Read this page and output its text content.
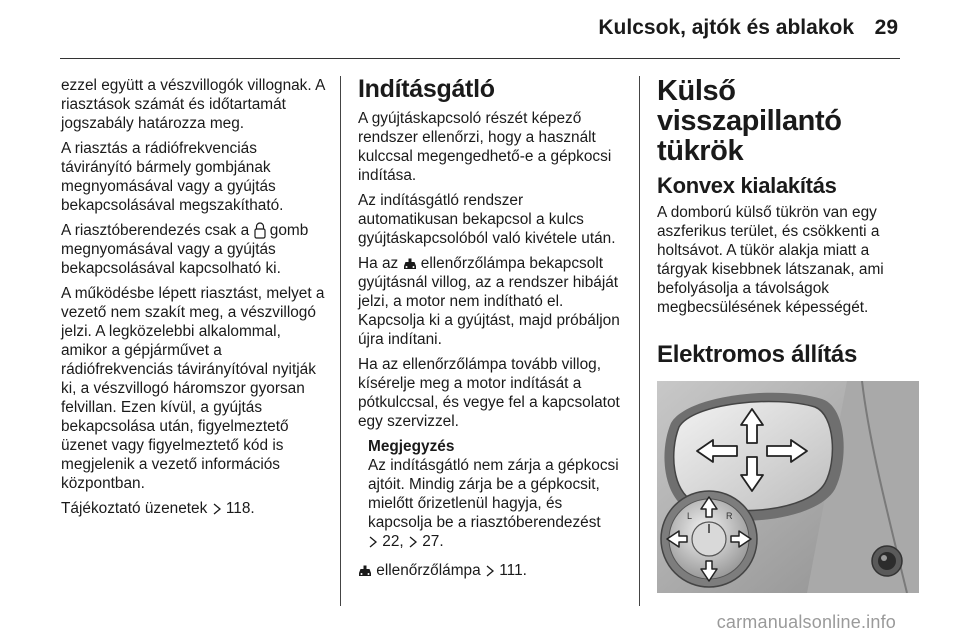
Kulcsok, ajtók és ablakok 29

ezzel együtt a vészvillogók villognak. A riasztások számát és időtartamát jogszabály határozza meg.

A riasztás a rádiófrekvenciás távirányító bármely gombjának megnyomásával vagy a gyújtás bekapcsolásával megszakítható.

A riasztóberendezés csak a gomb megnyomásával vagy a gyújtás bekapcsolásával kapcsolható ki.

A működésbe lépett riasztást, melyet a vezető nem szakít meg, a vészvillogó jelzi. A legközelebbi alkalommal, amikor a gépjárművet a rádiófrekvenciás távirányítóval nyitják ki, a vészvillogó háromszor gyorsan felvillan. Ezen kívül, a gyújtás bekapcsolása után, figyelmeztető üzenet vagy figyelmeztető kód is megjelenik a vezető információs központban.

Tájékoztató üzenetek 118.

Indításgátló

A gyújtáskapcsoló részét képező rendszer ellenőrzi, hogy a használt kulccsal megengedhető-e a gépkocsi indítása.

Az indításgátló rendszer automatikusan bekapcsol a kulcs gyújtáskapcsolóból való kivétele után.

Ha az ellenőrzőlámpa bekapcsolt gyújtásnál villog, az a rendszer hibáját jelzi, a motor nem indítható el. Kapcsolja ki a gyújtást, majd próbáljon újra indítani.

Ha az ellenőrzőlámpa tovább villog, kísérelje meg a motor indítását a pótkulccsal, és vegye fel a kapcsolatot egy szervizzel.

Megjegyzés
Az indításgátló nem zárja a gépkocsi ajtóit. Mindig zárja be a gépkocsit, mielőtt őrizetlenül hagyja, és kapcsolja be a riasztóberendezést
22, 27.

ellenőrzőlámpa 111.

Külső visszapillantó tükrök
Konvex kialakítás

A domború külső tükrön van egy aszferikus terület, és csökkenti a holtsávot. A tükör alakja miatt a tárgyak kisebbnek látszanak, ami befolyásolja a távolságok megbecsülésének képességét.

Elektromos állítás
L	R
carmanualsonline.info
